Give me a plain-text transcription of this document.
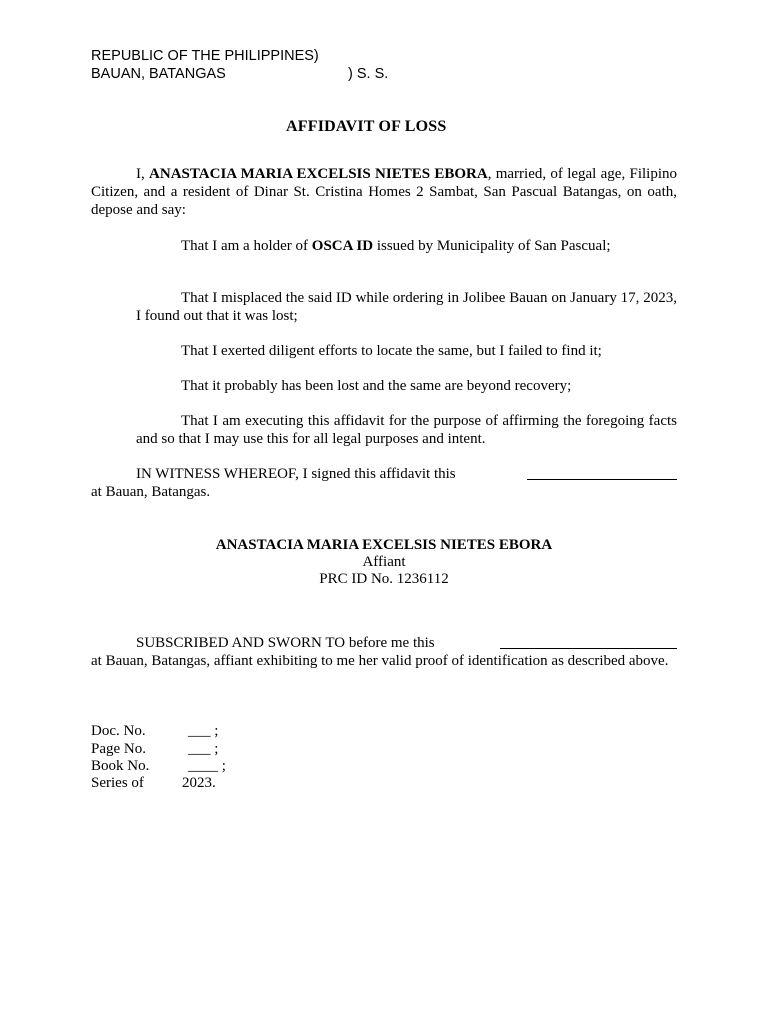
REPUBLIC OF THE PHILIPPINES)
BAUAN, BATANGAS	) S. S.
AFFIDAVIT OF LOSS
I, ANASTACIA MARIA EXCELSIS NIETES EBORA, married, of legal age, Filipino Citizen, and a resident of Dinar St. Cristina Homes 2 Sambat, San Pascual Batangas, on oath, depose and say:
That I am a holder of OSCA ID issued by Municipality of San Pascual;
That I misplaced the said ID while ordering in Jolibee Bauan on January 17, 2023, I found out that it was lost;
That I exerted diligent efforts to locate the same, but I failed to find it;
That it probably has been lost and the same are beyond recovery;
That I am executing this affidavit for the purpose of affirming the foregoing facts and so that I may use this for all legal purposes and intent.
IN WITNESS WHEREOF, I signed this affidavit this
at Bauan, Batangas.
ANASTACIA MARIA EXCELSIS NIETES EBORA
Affiant
PRC ID No. 1236112
SUBSCRIBED AND SWORN TO before me this
at Bauan, Batangas, affiant exhibiting to me her valid proof of identification as described above.
Doc. No.	___ ;
Page No.	___ ;
Book No.	____ ;
Series of	2023.
